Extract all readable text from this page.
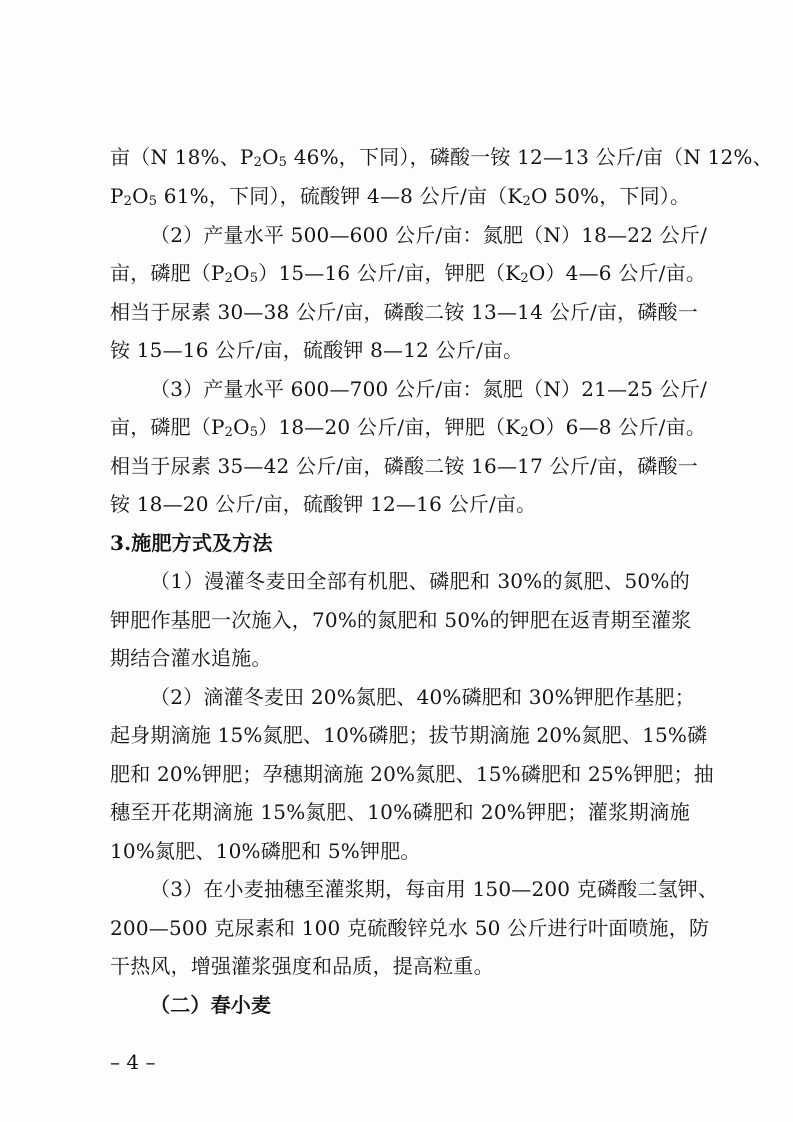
亩（N 18%、$P_2O_5$ 46%，下同），磷酸一铵 12—13 公斤/亩（N 12%、
$P_2O_5$ 61%，下同），硫酸钾 4—8 公斤/亩（$K_2O$ 50%，下同）。
（2）产量水平 500—600 公斤/亩：氮肥（N）18—22 公斤/
亩，磷肥$(P_2O_5)15—16$ 公斤/亩，钾肥$(K_2O)4—6$ 公斤/亩。
相当于尿素 30—38 公斤/亩，磷酸二铵 13—14 公斤/亩，磷酸一
铵 15—16 公斤/亩，硫酸钾 8—12 公斤/亩。
（3）产量水平 600—700 公斤/亩：氮肥（N）21—25 公斤/
亩，磷肥$(P_2O_5)18—20$ 公斤/亩，钾肥$(K_2O)6—8$ 公斤/亩。
相当于尿素 35—42 公斤/亩，磷酸二铵 16—17 公斤/亩，磷酸一
铵 18—20 公斤/亩，硫酸钾 12—16 公斤/亩。
3.施肥方式及方法
（1）漫灌冬麦田全部有机肥、磷肥和 30%的氮肥、50%的
钾肥作基肥一次施入，70%的氮肥和 50%的钾肥在返青期至灌浆
期结合灌水追施。
（2）滴灌冬麦田 20%氮肥、40%磷肥和 30%钾肥作基肥；
起身期滴施 15%氮肥、10%磷肥；拔节期滴施 20%氮肥、15%磷
肥和 20%钾肥；孕穗期滴施 20%氮肥、15%磷肥和 25%钾肥；抽
穗至开花期滴施 15%氮肥、10%磷肥和 20%钾肥；灌浆期滴施
10%氮肥、10%磷肥和 5%钾肥。
（3）在小麦抽穗至灌浆期，每亩用 150—200 克磷酸二氢钾、
200—500 克尿素和 100 克硫酸锌兑水 50 公斤进行叶面喷施，防
干热风，增强灌浆强度和品质，提高粒重。
（二）春小麦
– 4 –
